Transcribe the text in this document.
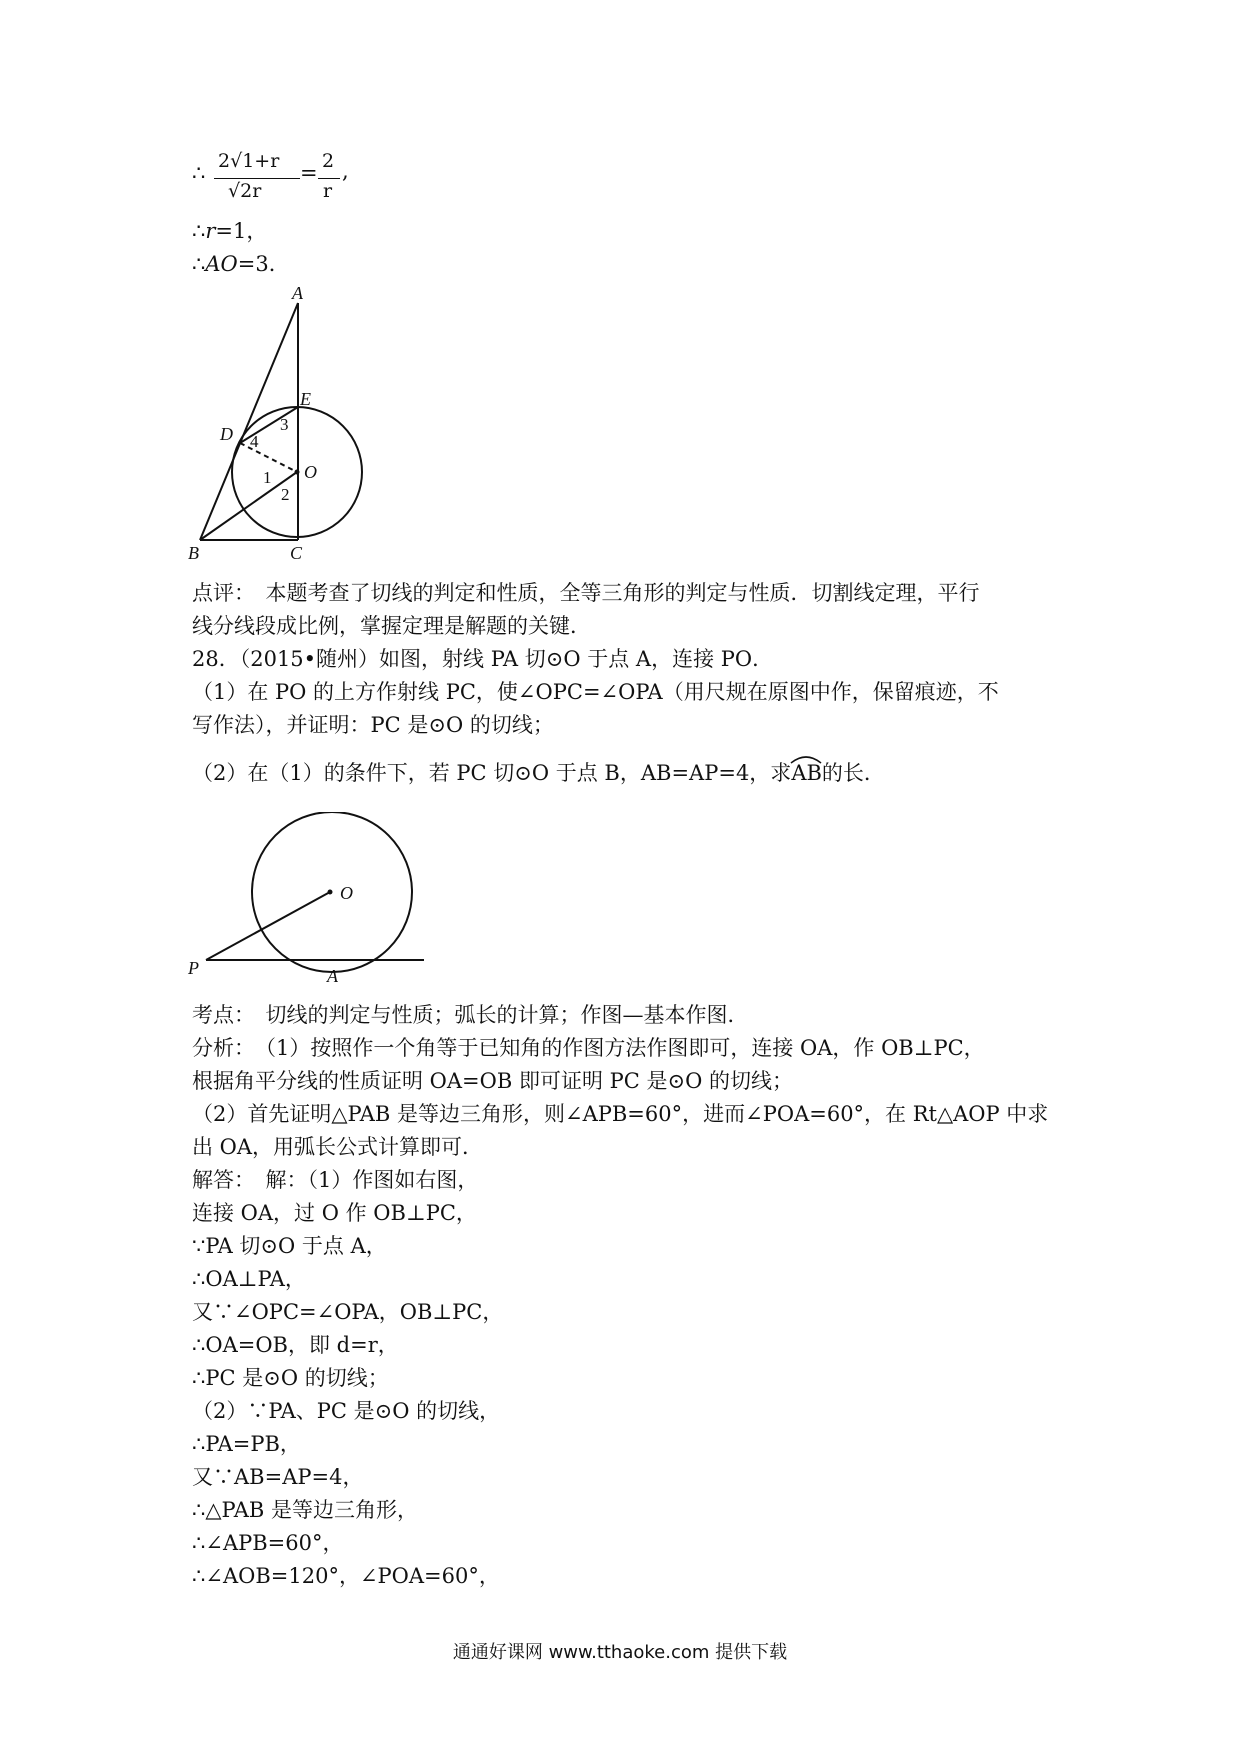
∴ 2√1+r
√2r
= 2
r
,
∴r=1，
∴AO=3．
A
E
D
O
B	C
1
2
3
4
点评：　本题考查了切线的判定和性质，全等三角形的判定与性质．切割线定理，平行
线分线段成比例，掌握定理是解题的关键．
28．（2015•随州）如图，射线 PA 切⊙O 于点 A，连接 PO．
（1）在 PO 的上方作射线 PC，使∠OPC=∠OPA（用尺规在原图中作，保留痕迹，不
写作法），并证明：PC 是⊙O 的切线；
（2）在（1）的条件下，若 PC 切⊙O 于点 B，AB=AP=4，求
AB的长．
O
P	A
考点：　切线的判定与性质；弧长的计算；作图—基本作图．
分析：　（1）按照作一个角等于已知角的作图方法作图即可，连接 OA，作 OB⊥PC，
根据角平分线的性质证明 OA=OB 即可证明 PC 是⊙O 的切线；
（2）首先证明△PAB 是等边三角形，则∠APB=60°，进而∠POA=60°，在 Rt△AOP 中求
出 OA，用弧长公式计算即可．
解答：　解：（1）作图如右图，
连接 OA，过 O 作 OB⊥PC，
∵PA 切⊙O 于点 A，
∴OA⊥PA，
又∵∠OPC=∠OPA，OB⊥PC，
∴OA=OB，即 d=r，
∴PC 是⊙O 的切线；
（2）∵PA、PC 是⊙O 的切线，
∴PA=PB，
又∵AB=AP=4，
∴△PAB 是等边三角形，
∴∠APB=60°，
∴∠AOB=120°，∠POA=60°，
通通好课网 www.tthaoke.com 提供下载
